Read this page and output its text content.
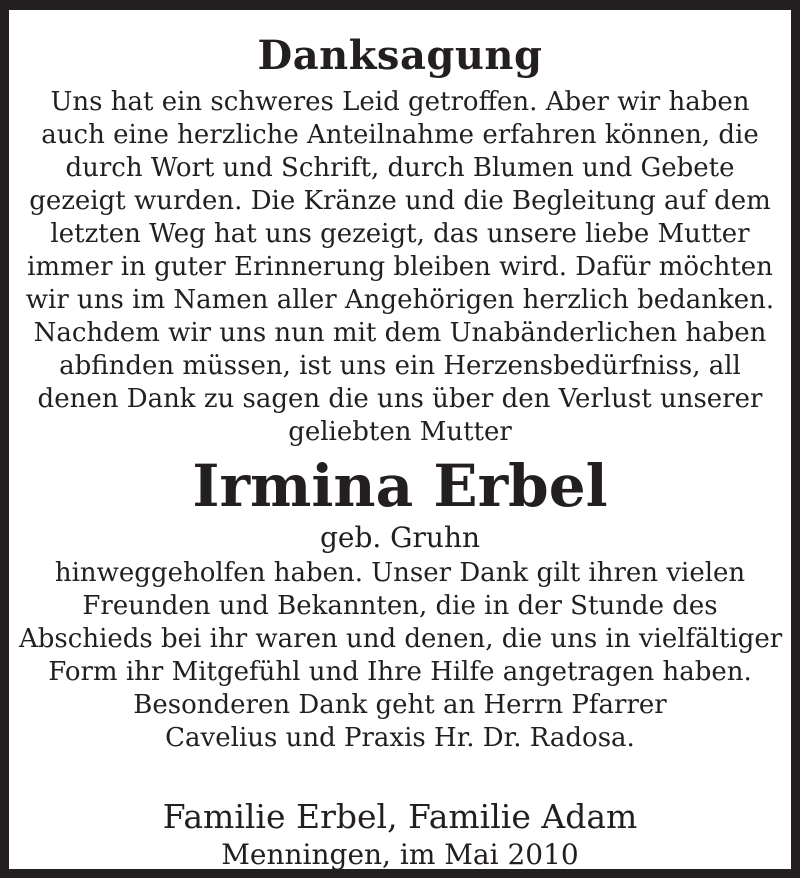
Danksagung
Uns hat ein schweres Leid getroffen. Aber wir haben
auch eine herzliche Anteilnahme erfahren können, die
durch Wort und Schrift, durch Blumen und Gebete
gezeigt wurden. Die Kränze und die Begleitung auf dem
letzten Weg hat uns gezeigt, das unsere liebe Mutter
immer in guter Erinnerung bleiben wird. Dafür möchten
wir uns im Namen aller Angehörigen herzlich bedanken.
Nachdem wir uns nun mit dem Unabänderlichen haben
abfinden müssen, ist uns ein Herzensbedürfniss, all
denen Dank zu sagen die uns über den Verlust unserer
geliebten Mutter
Irmina Erbel
geb. Gruhn
hinweggeholfen haben. Unser Dank gilt ihren vielen
Freunden und Bekannten, die in der Stunde des
Abschieds bei ihr waren und denen, die uns in vielfältiger
Form ihr Mitgefühl und Ihre Hilfe angetragen haben.
Besonderen Dank geht an Herrn Pfarrer
Cavelius und Praxis Hr. Dr. Radosa.
Familie Erbel, Familie Adam
Menningen, im Mai 2010
